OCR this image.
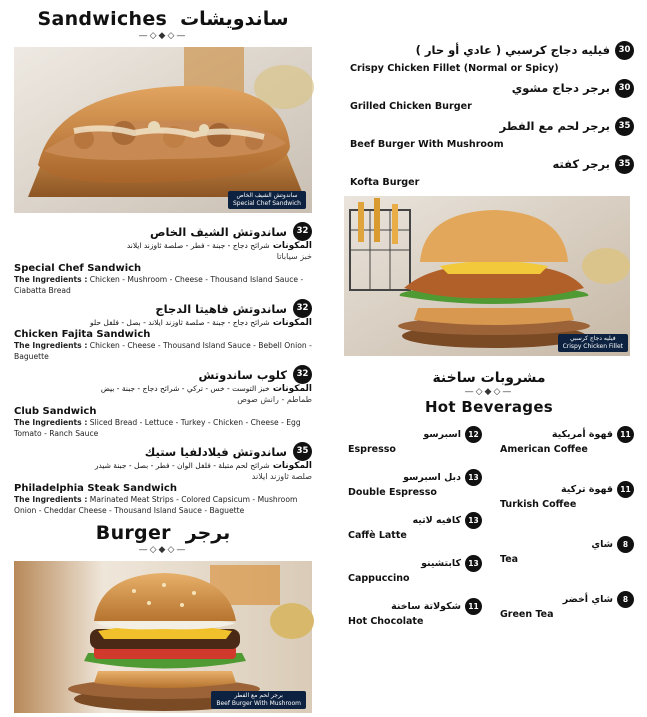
Sandwiches ساندويشات
—◇◆◇—
ساندوتش الشيف الخاص
Special Chef Sandwich
ساندوتش الشيف الخاص	32
المكونات شرائح دجاج - جبنة - فطر - صلصة ثاوزند ايلاند
خبز سياباتا
Special Chef Sandwich
The Ingredients : Chicken - Mushroom - Cheese - Thousand Island Sauce - Ciabatta Bread
ساندوتش فاهيتا الدجاج	32
المكونات شرائح دجاج - جبنة - صلصة ثاوزند ايلاند - بصل - فلفل حلو
Chicken Fajita Sandwich
The Ingredients : Chicken - Cheese - Thousand Island Sauce - Bebell Onion - Baguette
كلوب ساندوتش	32
المكونات خبز التوست - خس - تركي - شرائح دجاج - جبنة - بيض
طماطم - رانش صوص
Club Sandwich
The Ingredients : Sliced Bread - Lettuce - Turkey - Chicken - Cheese - Egg Tomato - Ranch Sauce
ساندوتش فيلادلفيا ستيك	35
المكونات شرائح لحم متبلة - فلفل الوان - فطر - بصل - جبنة شيدر
صلصة ثاوزند ايلاند
Philadelphia Steak Sandwich
The Ingredients : Marinated Meat Strips - Colored Capsicum - Mushroom Onion - Cheddar Cheese - Thousand Island Sauce - Baguette
Burger برجر
—◇◆◇—
برجر لحم مع الفطر
Beef Burger With Mushroom
فيليه دجاج كرسبي ( عادي أو حار )	30
Crispy Chicken Fillet (Normal or Spicy)
برجر دجاج مشوي	30
Grilled Chicken Burger
برجر لحم مع الفطر	35
Beef Burger With Mushroom
برجر كفته	35
Kofta Burger
فيليه دجاج كرسبي
Crispy Chicken Fillet
مشروبات ساخنة
—◇◆◇—
Hot Beverages
اسبرسو 12
Espresso
دبل اسبرسو 13
Double Espresso
كافيه لاتيه 13
Caffè Latte
كابتشينو 13
Cappuccino
شكولاتة ساخنة 11
Hot Chocolate
قهوة أمريكية 11
American Coffee
قهوة تركية 11
Turkish Coffee
شاي	8
Tea
شاي أخضر	8
Green Tea
